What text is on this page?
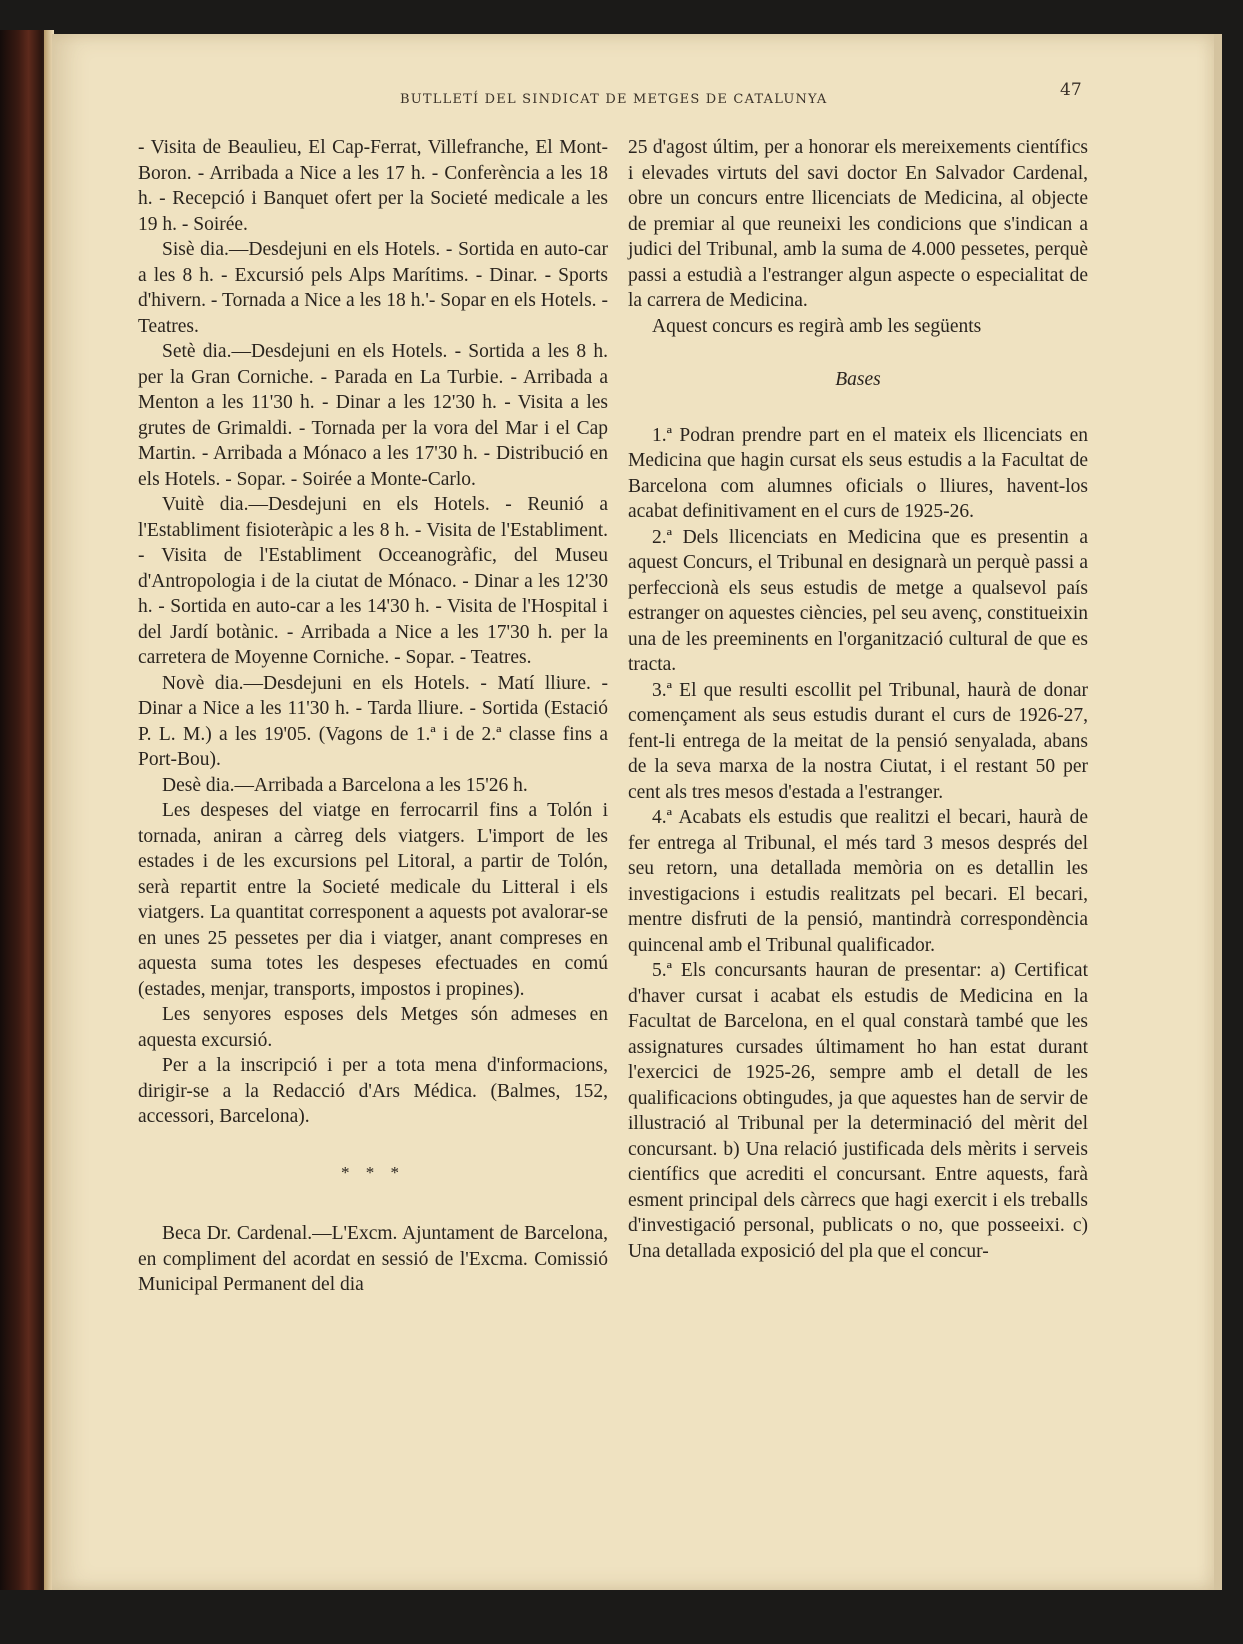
BUTLLETÍ DEL SINDICAT DE METGES DE CATALUNYA	47

- Visita de Beaulieu, El Cap-Ferrat, Villefranche, El Mont-Boron. - Arribada a Nice a les 17 h. - Conferència a les 18 h. - Recepció i Banquet ofert per la Societé medicale a les 19 h. - Soirée.

Sisè dia.—Desdejuni en els Hotels. - Sortida en auto-car a les 8 h. - Excursió pels Alps Marítims. - Dinar. - Sports d'hivern. - Tornada a Nice a les 18 h.'- Sopar en els Hotels. - Teatres.

Setè dia.—Desdejuni en els Hotels. - Sortida a les 8 h. per la Gran Corniche. - Parada en La Turbie. - Arribada a Menton a les 11'30 h. - Dinar a les 12'30 h. - Visita a les grutes de Grimaldi. - Tornada per la vora del Mar i el Cap Martin. - Arribada a Mónaco a les 17'30 h. - Distribució en els Hotels. - Sopar. - Soirée a Monte-Carlo.

Vuitè dia.—Desdejuni en els Hotels. - Reunió a l'Establiment fisioteràpic a les 8 h. - Visita de l'Establiment. - Visita de l'Establiment Occeanogràfic, del Museu d'Antropologia i de la ciutat de Mónaco. - Dinar a les 12'30 h. - Sortida en auto-car a les 14'30 h. - Visita de l'Hospital i del Jardí botànic. - Arribada a Nice a les 17'30 h. per la carretera de Moyenne Corniche. - Sopar. - Teatres.

Novè dia.—Desdejuni en els Hotels. - Matí lliure. - Dinar a Nice a les 11'30 h. - Tarda lliure. - Sortida (Estació P. L. M.) a les 19'05. (Vagons de 1.ª i de 2.ª classe fins a Port-Bou).

Desè dia.—Arribada a Barcelona a les 15'26 h.

Les despeses del viatge en ferrocarril fins a Tolón i tornada, aniran a càrreg dels viatgers. L'import de les estades i de les excursions pel Litoral, a partir de Tolón, serà repartit entre la Societé medicale du Litteral i els viatgers. La quantitat corresponent a aquests pot avalorar-se en unes 25 pessetes per dia i viatger, anant compreses en aquesta suma totes les despeses efectuades en comú (estades, menjar, transports, impostos i propines).

Les senyores esposes dels Metges són admeses en aquesta excursió.

Per a la inscripció i per a tota mena d'informacions, dirigir-se a la Redacció d'Ars Médica. (Balmes, 152, accessori, Barcelona).

* * *

Beca Dr. Cardenal.—L'Excm. Ajuntament de Barcelona, en compliment del acordat en sessió de l'Excma. Comissió Municipal Permanent del dia

25 d'agost últim, per a honorar els mereixements científics i elevades virtuts del savi doctor En Salvador Cardenal, obre un concurs entre llicenciats de Medicina, al objecte de premiar al que reuneixi les condicions que s'indican a judici del Tribunal, amb la suma de 4.000 pessetes, perquè passi a estudià a l'estranger algun aspecte o especialitat de la carrera de Medicina.

Aquest concurs es regirà amb les següents

Bases

1.ª Podran prendre part en el mateix els llicenciats en Medicina que hagin cursat els seus estudis a la Facultat de Barcelona com alumnes oficials o lliures, havent-los acabat definitivament en el curs de 1925-26.

2.ª Dels llicenciats en Medicina que es presentin a aquest Concurs, el Tribunal en designarà un perquè passi a perfeccionà els seus estudis de metge a qualsevol país estranger on aquestes ciències, pel seu avenç, constitueixin una de les preeminents en l'organització cultural de que es tracta.

3.ª El que resulti escollit pel Tribunal, haurà de donar començament als seus estudis durant el curs de 1926-27, fent-li entrega de la meitat de la pensió senyalada, abans de la seva marxa de la nostra Ciutat, i el restant 50 per cent als tres mesos d'estada a l'estranger.

4.ª Acabats els estudis que realitzi el becari, haurà de fer entrega al Tribunal, el més tard 3 mesos després del seu retorn, una detallada memòria on es detallin les investigacions i estudis realitzats pel becari. El becari, mentre disfruti de la pensió, mantindrà correspondència quincenal amb el Tribunal qualificador.

5.ª Els concursants hauran de presentar: a) Certificat d'haver cursat i acabat els estudis de Medicina en la Facultat de Barcelona, en el qual constarà també que les assignatures cursades últimament ho han estat durant l'exercici de 1925-26, sempre amb el detall de les qualificacions obtingudes, ja que aquestes han de servir de illustració al Tribunal per la determinació del mèrit del concursant. b) Una relació justificada dels mèrits i serveis científics que acrediti el concursant. Entre aquests, farà esment principal dels càrrecs que hagi exercit i els treballs d'investigació personal, publicats o no, que posseeixi. c) Una detallada exposició del pla que el concur-
